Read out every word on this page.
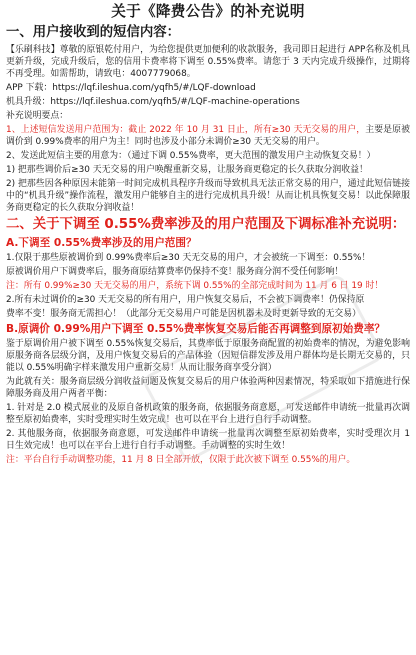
关于《降费公告》的补充说明
一、用户接收到的短信内容：
【乐刷科技】尊敬的原银乾付用户，为给您提供更加便利的收款服务，我司即日起进行 APP名称及机具更新升级，完成升级后，您的信用卡费率将下调至 0.55%费率。请您于 3 天内完成升级操作，过期将不再受理。如需帮助，请致电：4007779068。
APP 下载：https://lqf.ileshua.com/yqfh5/#/LQF-download
机具升级：https://lqf.ileshua.com/yqfh5/#/LQF-machine-operations
补充说明要点：
1、上述短信发送用户范围为：截止 2022 年 10 月 31 日止，所有≥30 天无交易的用户，主要是原被调价到 0.99%费率的用户为主！同时也涉及小部分未调价≥30 天无交易的用户。
2、发送此短信主要的用意为：（通过下调 0.55%费率，更大范围的激发用户主动恢复交易！）
1) 把那些调价后≥30 天无交易的用户唤醒重新交易，让服务商更稳定的长久获取分润收益！
2) 把那些因各种原因未能第一时间完成机具程序升级而导致机具无法正常交易的用户，通过此短信链接中的“机具升级”操作流程，激发用户能够自主的进行完成机具升级！从而让机具恢复交易！以此保障服务商更稳定的长久获取分润收益！
二、关于下调至 0.55%费率涉及的用户范围及下调标准补充说明：
A.下调至 0.55%费率涉及的用户范围？
1.仅限于那些原被调价到 0.99%费率后≥30 天无交易的用户，才会被统一下调至：0.55%！
原被调价用户下调费率后，服务商原结算费率仍保持不变！服务商分润不受任何影响！
注：所有 0.99%≥30 天无交易的用户，系统下调 0.55%的全部完成时间为 11 月 6 日 19 时！
2.所有未过调价的≥30 天无交易的所有用户，用户恢复交易后，不会被下调费率！仍保持原
费率不变！服务商无需担心！（此部分无交易用户可能是因机器未及时更新导致的无交易）
B.原调价 0.99%用户下调至 0.55%费率恢复交易后能否再调整到原初始费率？
鉴于原调价用户被下调至 0.55%恢复交易后，其费率低于原服务商配置的初始费率的情况，为避免影响原服务商各层级分润，及用户恢复交易后的产品体验（因短信群发涉及用户群体均是长期无交易的，只能以 0.55%明确字样来激发用户重新交易！从而让服务商享受分润）
为此就有关：服务商层级分润收益问题及恢复交易后的用户体验两种因素情况，特采取如下措施进行保障服务商及用户两者平衡：
1. 针对是 2.0 模式展业的及原自备机政策的服务商，依据服务商意愿，可发送邮件申请统一批量再次调整至原初始费率，实时受理实时生效完成！也可以在平台上进行自行手动调整。
2. 其他服务商，依据服务商意愿，可发送邮件申请统一批量再次调整至原初始费率，实时受理次月 1 日生效完成！也可以在平台上进行自行手动调整。手动调整的实时生效！
注：平台自行手动调整功能，11 月 8 日全部开放，仅限于此次被下调至 0.55%的用户。
